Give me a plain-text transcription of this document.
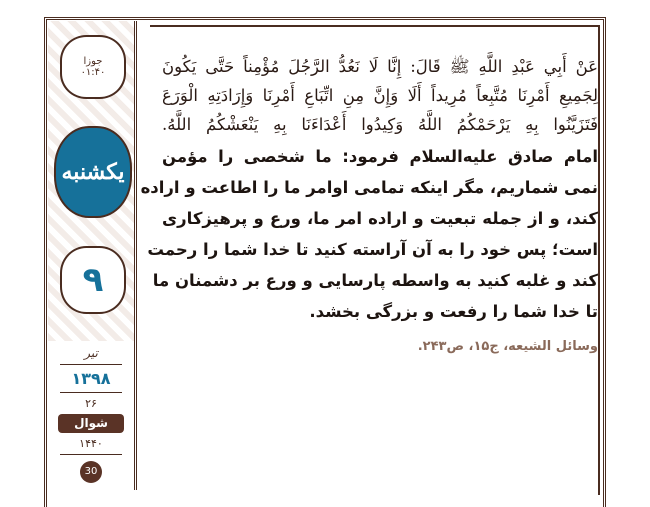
جوزا
۰۱:۴۰
یکشنبه
۹
تیر
۱۳۹۸
۲۶
شوال
۱۴۴۰
30
عَنْ أَبِي عَبْدِ اللَّهِ ﷺ قَالَ: إِنَّا لَا نَعُدُّ الرَّجُلَ مُؤْمِناً حَتَّى يَكُونَ
لِجَمِيعِ أَمْرِنَا مُتَّبِعاً مُرِيداً أَلَا وَإِنَّ مِنِ اتِّبَاعِ أَمْرِنَا وَإِرَادَتِهِ الْوَرَعَ
فَتَزَيَّنُوا بِهِ يَرْحَمْكُمُ اللَّهُ وَكِيدُوا أَعْدَاءَنَا بِهِ يَنْعَشْكُمُ اللَّهُ.
امام صادق علیه‌السلام فرمود: ما شخصی را مؤمن
نمی شماریم، مگر اینکه تمامی اوامر ما را اطاعت و اراده
کند، و از جمله تبعیت و اراده امر ما، ورع و پرهیزکاری
است؛ پس خود را به آن آراسته کنید تا خدا شما را رحمت
کند و غلبه کنید به واسطه پارسایی و ورع بر دشمنان ما
تا خدا شما را رفعت و بزرگی بخشد.
وسائل الشیعه، ج۱۵، ص۲۴۳.
